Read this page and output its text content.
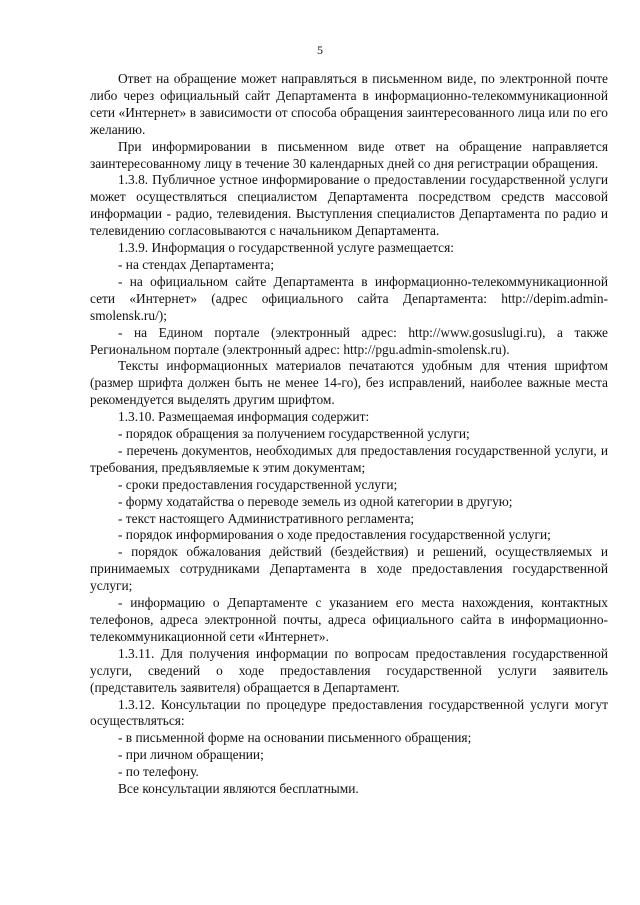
5

Ответ на обращение может направляться в письменном виде, по электронной почте либо через официальный сайт Департамента в информационно-телекоммуникационной сети «Интернет» в зависимости от способа обращения заинтересованного лица или по его желанию.

При информировании в письменном виде ответ на обращение направляется заинтересованному лицу в течение 30 календарных дней со дня регистрации обращения.

1.3.8. Публичное устное информирование о предоставлении государственной услуги может осуществляться специалистом Департамента посредством средств массовой информации - радио, телевидения. Выступления специалистов Департамента по радио и телевидению согласовываются с начальником Департамента.

1.3.9. Информация о государственной услуге размещается:

- на стендах Департамента;

- на официальном сайте Департамента в информационно-телекоммуникационной сети «Интернет» (адрес официального сайта Департамента: http://depim.admin-smolensk.ru/);

- на Едином портале (электронный адрес: http://www.gosuslugi.ru), а также Региональном портале (электронный адрес: http://pgu.admin-smolensk.ru).

Тексты информационных материалов печатаются удобным для чтения шрифтом (размер шрифта должен быть не менее 14-го), без исправлений, наиболее важные места рекомендуется выделять другим шрифтом.

1.3.10. Размещаемая информация содержит:

- порядок обращения за получением государственной услуги;

- перечень документов, необходимых для предоставления государственной услуги, и требования, предъявляемые к этим документам;

- сроки предоставления государственной услуги;

- форму ходатайства о переводе земель из одной категории в другую;

- текст настоящего Административного регламента;

- порядок информирования о ходе предоставления государственной услуги;

- порядок обжалования действий (бездействия) и решений, осуществляемых и принимаемых сотрудниками Департамента в ходе предоставления государственной услуги;

- информацию о Департаменте с указанием его места нахождения, контактных телефонов, адреса электронной почты, адреса официального сайта в информационно-телекоммуникационной сети «Интернет».

1.3.11. Для получения информации по вопросам предоставления государственной услуги, сведений о ходе предоставления государственной услуги заявитель (представитель заявителя) обращается в Департамент.

1.3.12. Консультации по процедуре предоставления государственной услуги могут осуществляться:

- в письменной форме на основании письменного обращения;

- при личном обращении;

- по телефону.

Все консультации являются бесплатными.
